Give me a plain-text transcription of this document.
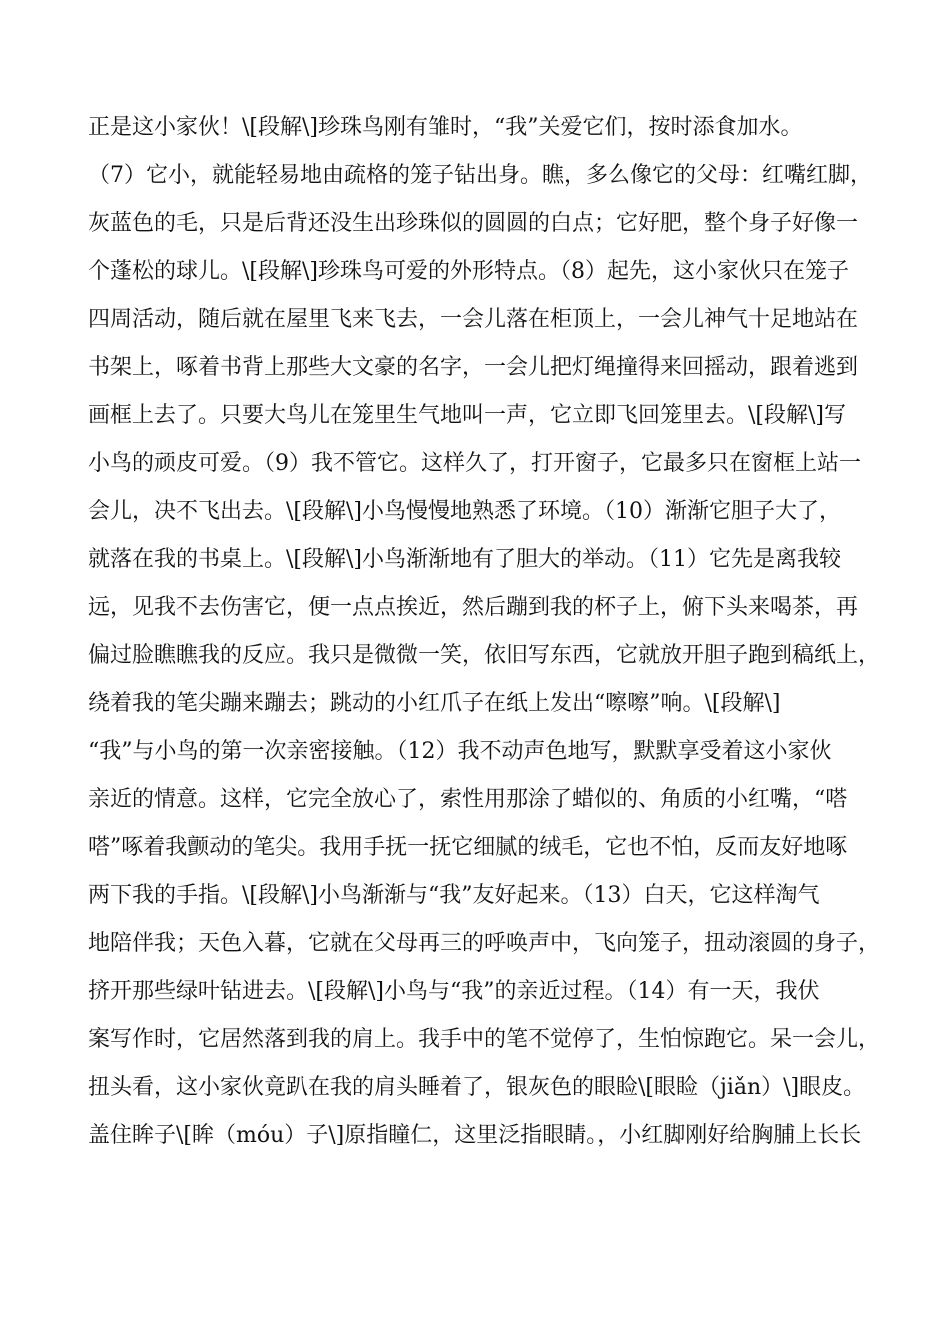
正是这小家伙！\[段解\]珍珠鸟刚有雏时，“我”关爱它们，按时添食加水。
（7）它小，就能轻易地由疏格的笼子钻出身。瞧，多么像它的父母：红嘴红脚，
灰蓝色的毛，只是后背还没生出珍珠似的圆圆的白点；它好肥，整个身子好像一
个蓬松的球儿。\[段解\]珍珠鸟可爱的外形特点。（8）起先，这小家伙只在笼子
四周活动，随后就在屋里飞来飞去，一会儿落在柜顶上，一会儿神气十足地站在
书架上，啄着书背上那些大文豪的名字，一会儿把灯绳撞得来回摇动，跟着逃到
画框上去了。只要大鸟儿在笼里生气地叫一声，它立即飞回笼里去。\[段解\]写
小鸟的顽皮可爱。（9）我不管它。这样久了，打开窗子，它最多只在窗框上站一
会儿，决不飞出去。\[段解\]小鸟慢慢地熟悉了环境。（10）渐渐它胆子大了，
就落在我的书桌上。\[段解\]小鸟渐渐地有了胆大的举动。（11）它先是离我较
远，见我不去伤害它，便一点点挨近，然后蹦到我的杯子上，俯下头来喝茶，再
偏过脸瞧瞧我的反应。我只是微微一笑，依旧写东西，它就放开胆子跑到稿纸上，
绕着我的笔尖蹦来蹦去；跳动的小红爪子在纸上发出“嚓嚓”响。\[段解\]
“我”与小鸟的第一次亲密接触。（12）我不动声色地写，默默享受着这小家伙
亲近的情意。这样，它完全放心了，索性用那涂了蜡似的、角质的小红嘴，“嗒
嗒”啄着我颤动的笔尖。我用手抚一抚它细腻的绒毛，它也不怕，反而友好地啄
两下我的手指。\[段解\]小鸟渐渐与“我”友好起来。（13）白天，它这样淘气
地陪伴我；天色入暮，它就在父母再三的呼唤声中，飞向笼子，扭动滚圆的身子，
挤开那些绿叶钻进去。\[段解\]小鸟与“我”的亲近过程。（14）有一天，我伏
案写作时，它居然落到我的肩上。我手中的笔不觉停了，生怕惊跑它。呆一会儿，
扭头看，这小家伙竟趴在我的肩头睡着了，银灰色的眼睑\[眼睑（jiǎn）\]眼皮。
盖住眸子\[眸（móu）子\]原指瞳仁，这里泛指眼睛。，小红脚刚好给胸脯上长长
